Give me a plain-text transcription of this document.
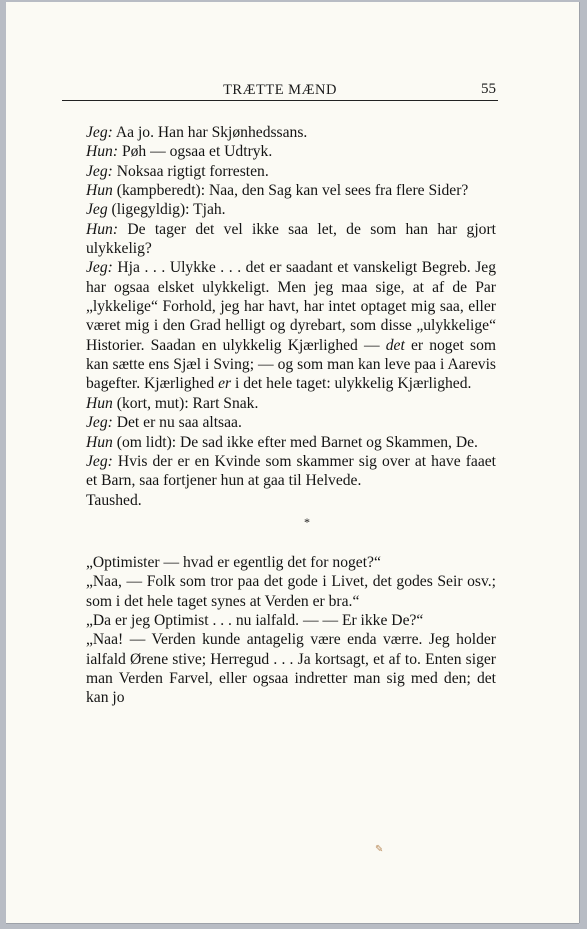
TRÆTTE MÆND	55
Jeg: Aa jo. Han har Skjønhedssans.
Hun: Pøh — ogsaa et Udtryk.
Jeg: Noksaa rigtigt forresten.
Hun (kampberedt): Naa, den Sag kan vel sees fra flere Sider?
Jeg (ligegyldig): Tjah.
Hun: De tager det vel ikke saa let, de som han har gjort ulykkelig?
Jeg: Hja . . . Ulykke . . . det er saadant et vanskeligt Begreb. Jeg har ogsaa elsket ulykkeligt. Men jeg maa sige, at af de Par „lykkelige“ Forhold, jeg har havt, har intet optaget mig saa, eller været mig i den Grad helligt og dyrebart, som disse „ulykkelige“ Historier. Saadan en ulykkelig Kjærlighed — det er noget som kan sætte ens Sjæl i Sving; — og som man kan leve paa i Aarevis bagefter. Kjærlighed er i det hele taget: ulykkelig Kjærlighed.
Hun (kort, mut): Rart Snak.
Jeg: Det er nu saa altsaa.
Hun (om lidt): De sad ikke efter med Barnet og Skammen, De.
Jeg: Hvis der er en Kvinde som skammer sig over at have faaet et Barn, saa fortjener hun at gaa til Helvede.
Taushed.
*
„Optimister — hvad er egentlig det for noget?“
„Naa, — Folk som tror paa det gode i Livet, det godes Seir osv.; som i det hele taget synes at Verden er bra.“
„Da er jeg Optimist . . . nu ialfald. — — Er ikke De?“
„Naa! — Verden kunde antagelig være enda værre. Jeg holder ialfald Ørene stive; Herregud . . . Ja kortsagt, et af to. Enten siger man Verden Farvel, eller ogsaa indretter man sig med den; det kan jo
✎
